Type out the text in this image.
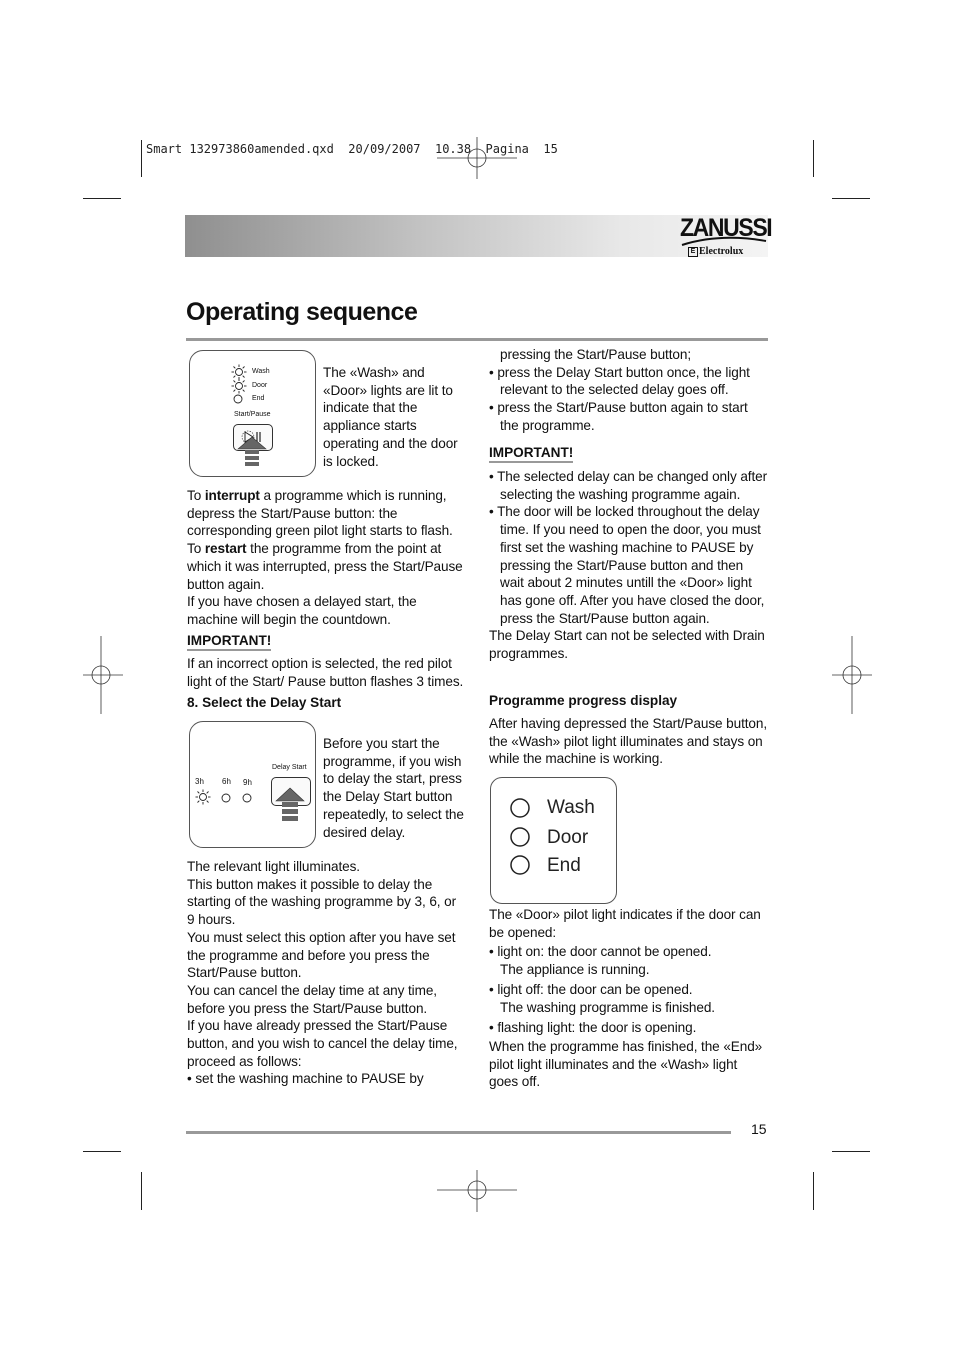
Smart 132973860amended.qxd  20/09/2007  10.38  Pagina  15
ZANUSSI
E Electrolux
Operating sequence
Wash
Door
End
Start/Pause
The «Wash» and «Door» lights are lit to indicate that the appliance starts operating and the door is locked.

To interrupt a programme which is running, depress the Start/Pause button: the corresponding green pilot light starts to flash.

To restart the programme from the point at which it was interrupted, press the Start/Pause button again.

If you have chosen a delayed start, the machine will begin the countdown.

IMPORTANT!
If an incorrect option is selected, the red pilot light of the Start/ Pause button flashes 3 times.
8. Select the Delay Start
Delay Start
3h 6h 9h
Before you start the programme, if you wish to delay the start, press the Delay Start button repeatedly, to select the desired delay.

The relevant light illuminates.

This button makes it possible to delay the starting of the washing programme by 3, 6, or 9 hours.

You must select this option after you have set the programme and before you press the Start/Pause button.

You can cancel the delay time at any time, before you press the Start/Pause button.

If you have already pressed the Start/Pause button, and you wish to cancel the delay time, proceed as follows:

• set the washing machine to PAUSE by

pressing the Start/Pause button;

• press the Delay Start button once, the light relevant to the selected delay goes off.

• press the Start/Pause button again to start the programme.

IMPORTANT!

• The selected delay can be changed only after selecting the washing programme again.

• The door will be locked throughout the delay time. If you need to open the door, you must first set the washing machine to PAUSE by pressing the Start/Pause button and then wait about 2 minutes untill the «Door» light has gone off. After you have closed the door, press the Start/Pause button again.

The Delay Start can not be selected with Drain programmes.

Programme progress display
After having depressed the Start/Pause button, the «Wash» pilot light illuminates and stays on while the machine is working.
Wash
Door
End
The «Door» pilot light indicates if the door can be opened:

• light on: the door cannot be opened.

The appliance is running.

• light off: the door can be opened.

The washing programme is finished.

• flashing light: the door is opening.

When the programme has finished, the «End» pilot light illuminates and the «Wash» light goes off.
15
